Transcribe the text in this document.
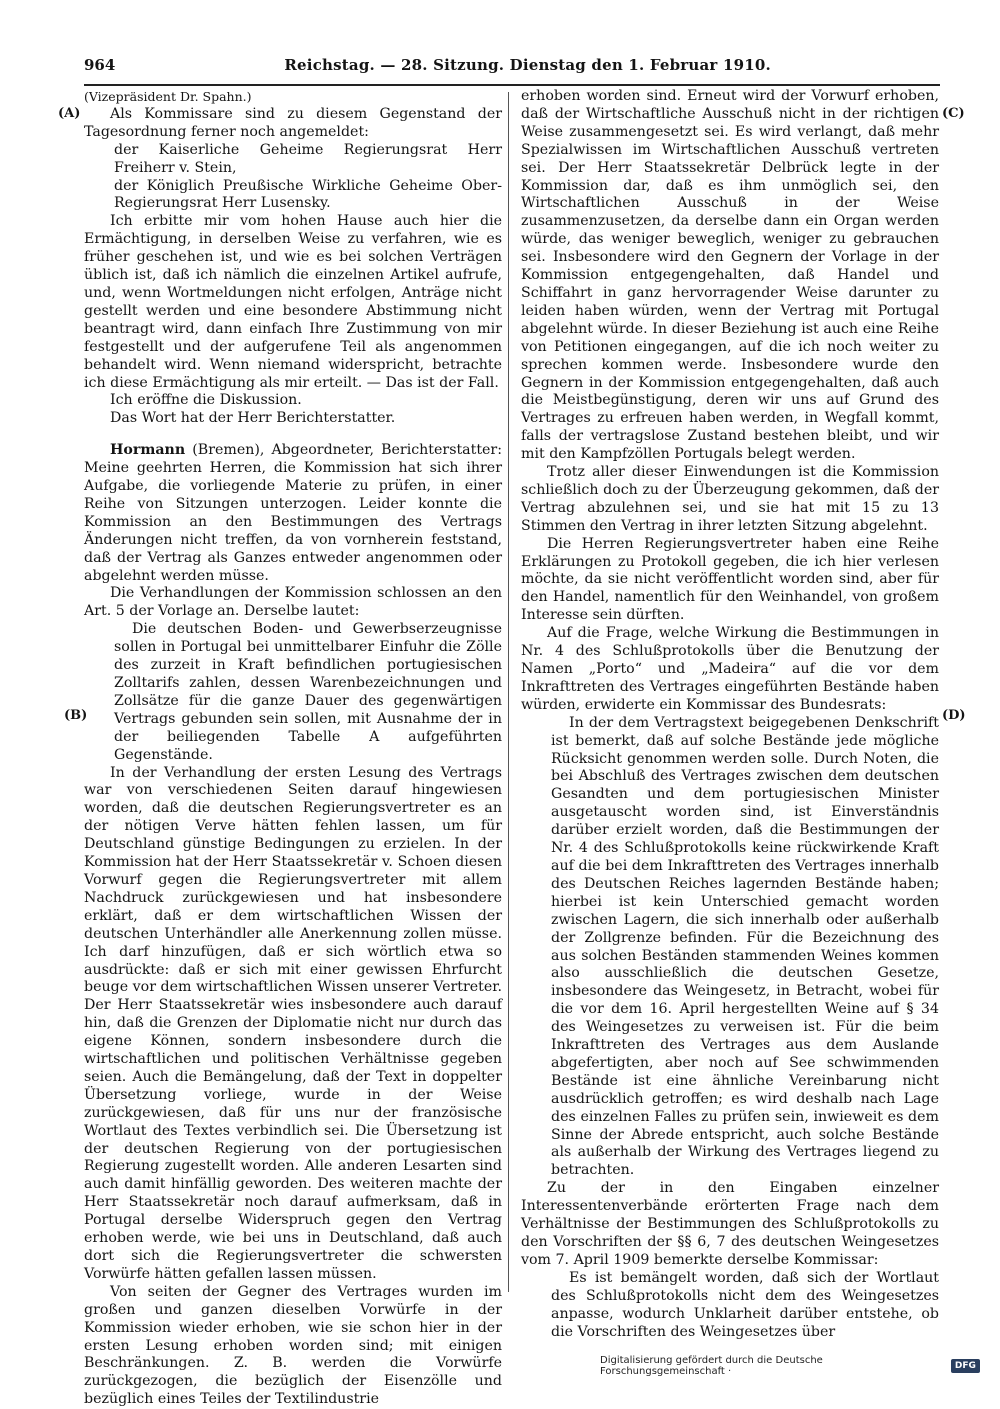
964	Reichstag. — 28. Sitzung. Dienstag den 1. Februar 1910.
(A)
(B)
(C)
(D)

(Vizepräsident Dr. Spahn.)

Als Kommissare sind zu diesem Gegenstand der Tagesordnung ferner noch angemeldet:

der Kaiserliche Geheime Regierungsrat Herr Freiherr v. Stein,

der Königlich Preußische Wirkliche Geheime Ober-Regierungsrat Herr Lusensky.

Ich erbitte mir vom hohen Hause auch hier die Ermächtigung, in derselben Weise zu verfahren, wie es früher geschehen ist, und wie es bei solchen Verträgen üblich ist, daß ich nämlich die einzelnen Artikel aufrufe, und, wenn Wortmeldungen nicht erfolgen, Anträge nicht gestellt werden und eine besondere Abstimmung nicht beantragt wird, dann einfach Ihre Zustimmung von mir festgestellt und der aufgerufene Teil als angenommen behandelt wird. Wenn niemand widerspricht, betrachte ich diese Ermächtigung als mir erteilt. — Das ist der Fall.

Ich eröffne die Diskussion.

Das Wort hat der Herr Berichterstatter.

Hormann (Bremen), Abgeordneter, Berichterstatter: Meine geehrten Herren, die Kommission hat sich ihrer Aufgabe, die vorliegende Materie zu prüfen, in einer Reihe von Sitzungen unterzogen. Leider konnte die Kommission an den Bestimmungen des Vertrags Änderungen nicht treffen, da von vornherein feststand, daß der Vertrag als Ganzes entweder angenommen oder abgelehnt werden müsse.

Die Verhandlungen der Kommission schlossen an den Art. 5 der Vorlage an. Derselbe lautet:

Die deutschen Boden- und Gewerbserzeugnisse sollen in Portugal bei unmittelbarer Einfuhr die Zölle des zurzeit in Kraft befindlichen portugiesischen Zolltarifs zahlen, dessen Warenbezeichnungen und Zollsätze für die ganze Dauer des gegenwärtigen Vertrags gebunden sein sollen, mit Ausnahme der in der beiliegenden Tabelle A aufgeführten Gegenstände.

In der Verhandlung der ersten Lesung des Vertrags war von verschiedenen Seiten darauf hingewiesen worden, daß die deutschen Regierungsvertreter es an der nötigen Verve hätten fehlen lassen, um für Deutschland günstige Bedingungen zu erzielen. In der Kommission hat der Herr Staatssekretär v. Schoen diesen Vorwurf gegen die Regierungsvertreter mit allem Nachdruck zurückgewiesen und hat insbesondere erklärt, daß er dem wirtschaftlichen Wissen der deutschen Unterhändler alle Anerkennung zollen müsse. Ich darf hinzufügen, daß er sich wörtlich etwa so ausdrückte: daß er sich mit einer gewissen Ehrfurcht beuge vor dem wirtschaftlichen Wissen unserer Vertreter. Der Herr Staatssekretär wies insbesondere auch darauf hin, daß die Grenzen der Diplomatie nicht nur durch das eigene Können, sondern insbesondere durch die wirtschaftlichen und politischen Verhältnisse gegeben seien. Auch die Bemängelung, daß der Text in doppelter Übersetzung vorliege, wurde in der Weise zurückgewiesen, daß für uns nur der französische Wortlaut des Textes verbindlich sei. Die Übersetzung ist der deutschen Regierung von der portugiesischen Regierung zugestellt worden. Alle anderen Lesarten sind auch damit hinfällig geworden. Des weiteren machte der Herr Staatssekretär noch darauf aufmerksam, daß in Portugal derselbe Widerspruch gegen den Vertrag erhoben werde, wie bei uns in Deutschland, daß auch dort sich die Regierungsvertreter die schwersten Vorwürfe hätten gefallen lassen müssen.

Von seiten der Gegner des Vertrages wurden im großen und ganzen dieselben Vorwürfe in der Kommission wieder erhoben, wie sie schon hier in der ersten Lesung erhoben worden sind; mit einigen Beschränkungen. Z. B. werden die Vorwürfe zurückgezogen, die bezüglich der Eisenzölle und bezüglich eines Teiles der Textilindustrie

erhoben worden sind. Erneut wird der Vorwurf erhoben, daß der Wirtschaftliche Ausschuß nicht in der richtigen Weise zusammengesetzt sei. Es wird verlangt, daß mehr Spezialwissen im Wirtschaftlichen Ausschuß vertreten sei. Der Herr Staatssekretär Delbrück legte in der Kommission dar, daß es ihm unmöglich sei, den Wirtschaftlichen Ausschuß in der Weise zusammenzusetzen, da derselbe dann ein Organ werden würde, das weniger beweglich, weniger zu gebrauchen sei. Insbesondere wird den Gegnern der Vorlage in der Kommission entgegengehalten, daß Handel und Schiffahrt in ganz hervorragender Weise darunter zu leiden haben würden, wenn der Vertrag mit Portugal abgelehnt würde. In dieser Beziehung ist auch eine Reihe von Petitionen eingegangen, auf die ich noch weiter zu sprechen kommen werde. Insbesondere wurde den Gegnern in der Kommission entgegengehalten, daß auch die Meistbegünstigung, deren wir uns auf Grund des Vertrages zu erfreuen haben werden, in Wegfall kommt, falls der vertragslose Zustand bestehen bleibt, und wir mit den Kampfzöllen Portugals belegt werden.

Trotz aller dieser Einwendungen ist die Kommission schließlich doch zu der Überzeugung gekommen, daß der Vertrag abzulehnen sei, und sie hat mit 15 zu 13 Stimmen den Vertrag in ihrer letzten Sitzung abgelehnt.

Die Herren Regierungsvertreter haben eine Reihe Erklärungen zu Protokoll gegeben, die ich hier verlesen möchte, da sie nicht veröffentlicht worden sind, aber für den Handel, namentlich für den Weinhandel, von großem Interesse sein dürften.

Auf die Frage, welche Wirkung die Bestimmungen in Nr. 4 des Schlußprotokolls über die Benutzung der Namen „Porto“ und „Madeira“ auf die vor dem Inkrafttreten des Vertrages eingeführten Bestände haben würden, erwiderte ein Kommissar des Bundesrats:

In der dem Vertragstext beigegebenen Denkschrift ist bemerkt, daß auf solche Bestände jede mögliche Rücksicht genommen werden solle. Durch Noten, die bei Abschluß des Vertrages zwischen dem deutschen Gesandten und dem portugiesischen Minister ausgetauscht worden sind, ist Einverständnis darüber erzielt worden, daß die Bestimmungen der Nr. 4 des Schlußprotokolls keine rückwirkende Kraft auf die bei dem Inkrafttreten des Vertrages innerhalb des Deutschen Reiches lagernden Bestände haben; hierbei ist kein Unterschied gemacht worden zwischen Lagern, die sich innerhalb oder außerhalb der Zollgrenze befinden. Für die Bezeichnung des aus solchen Beständen stammenden Weines kommen also ausschließlich die deutschen Gesetze, insbesondere das Weingesetz, in Betracht, wobei für die vor dem 16. April hergestellten Weine auf § 34 des Weingesetzes zu verweisen ist. Für die beim Inkrafttreten des Vertrages aus dem Auslande abgefertigten, aber noch auf See schwimmenden Bestände ist eine ähnliche Vereinbarung nicht ausdrücklich getroffen; es wird deshalb nach Lage des einzelnen Falles zu prüfen sein, inwieweit es dem Sinne der Abrede entspricht, auch solche Bestände als außerhalb der Wirkung des Vertrages liegend zu betrachten.

Zu der in den Eingaben einzelner Interessentenverbände erörterten Frage nach dem Verhältnisse der Bestimmungen des Schlußprotokolls zu den Vorschriften der §§ 6, 7 des deutschen Weingesetzes vom 7. April 1909 bemerkte derselbe Kommissar:

Es ist bemängelt worden, daß sich der Wortlaut des Schlußprotokolls nicht dem des Weingesetzes anpasse, wodurch Unklarheit darüber entstehe, ob die Vorschriften des Weingesetzes über

Digitalisierung gefördert durch die Deutsche Forschungsgemeinschaft ·	DFG
